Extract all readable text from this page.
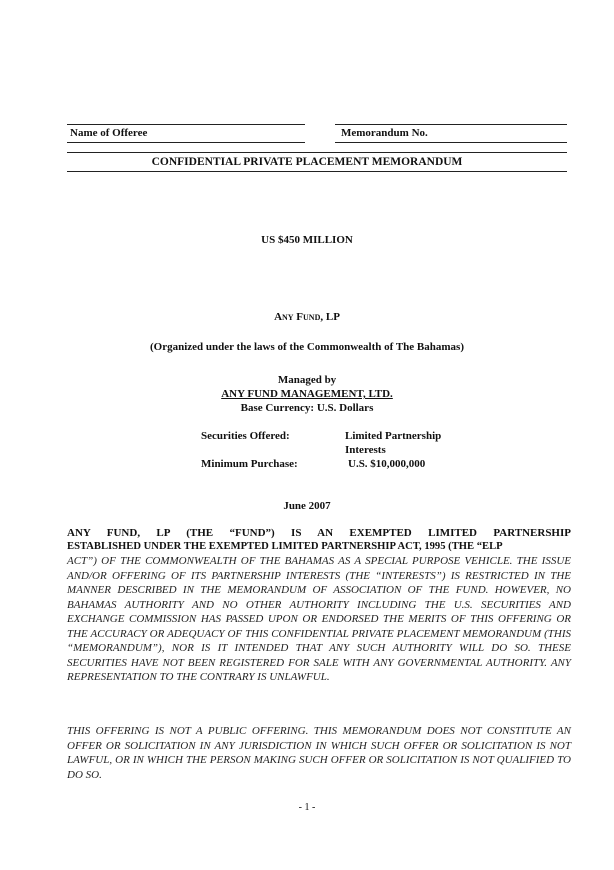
Name of Offeree	Memorandum No.
CONFIDENTIAL PRIVATE PLACEMENT MEMORANDUM
US $450 MILLION
Any Fund, LP
(Organized under the laws of the Commonwealth of The Bahamas)
Managed by
ANY FUND MANAGEMENT, LTD.
Base Currency: U.S. Dollars
Securities Offered:	Limited Partnership
Interests
Minimum Purchase:	U.S. $10,000,000
June 2007
ANY FUND, LP (THE “FUND”) IS AN EXEMPTED LIMITED PARTNERSHIP
ESTABLISHED UNDER THE EXEMPTED LIMITED PARTNERSHIP ACT, 1995 (THE “ELP
ACT”) OF THE COMMONWEALTH OF THE BAHAMAS AS A SPECIAL PURPOSE VEHICLE. THE ISSUE AND/OR OFFERING OF ITS PARTNERSHIP INTERESTS (THE “INTERESTS”) IS RESTRICTED IN THE MANNER DESCRIBED IN THE MEMORANDUM OF ASSOCIATION OF THE FUND. HOWEVER, NO BAHAMAS AUTHORITY AND NO OTHER AUTHORITY INCLUDING THE U.S. SECURITIES AND EXCHANGE COMMISSION HAS PASSED UPON OR ENDORSED THE MERITS OF THIS OFFERING OR THE ACCURACY OR ADEQUACY OF THIS CONFIDENTIAL PRIVATE PLACEMENT MEMORANDUM (THIS “MEMORANDUM”), NOR IS IT INTENDED THAT ANY SUCH AUTHORITY WILL DO SO. THESE SECURITIES HAVE NOT BEEN REGISTERED FOR SALE WITH ANY GOVERNMENTAL AUTHORITY. ANY REPRESENTATION TO THE CONTRARY IS UNLAWFUL.
THIS OFFERING IS NOT A PUBLIC OFFERING. THIS MEMORANDUM DOES NOT CONSTITUTE AN OFFER OR SOLICITATION IN ANY JURISDICTION IN WHICH SUCH OFFER OR SOLICITATION IS NOT LAWFUL, OR IN WHICH THE PERSON MAKING SUCH OFFER OR SOLICITATION IS NOT QUALIFIED TO DO SO.
- 1 -
